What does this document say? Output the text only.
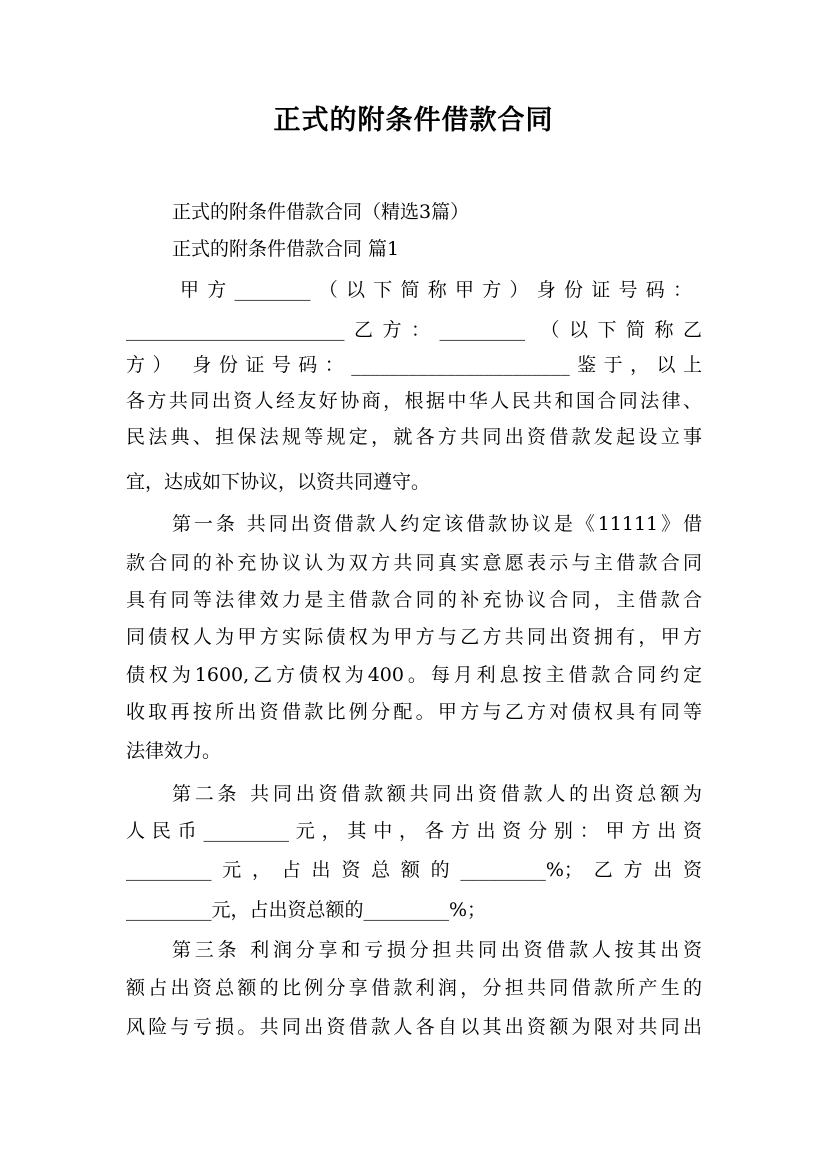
正式的附条件借款合同
正式的附条件借款合同（精选3篇）
正式的附条件借款合同 篇1
甲方________（以下简称甲方）身份证号码：
_______________________乙方：_________ （以下简称乙
方） 身份证号码：_______________________鉴于，以上
各方共同出资人经友好协商，根据中华人民共和国合同法律、
民法典、担保法规等规定，就各方共同出资借款发起设立事
宜，达成如下协议，以资共同遵守。
第一条 共同出资借款人约定该借款协议是《11111》借
款合同的补充协议认为双方共同真实意愿表示与主借款合同
具有同等法律效力是主借款合同的补充协议合同，主借款合
同债权人为甲方实际债权为甲方与乙方共同出资拥有，甲方
债权为1600,乙方债权为400。每月利息按主借款合同约定
收取再按所出资借款比例分配。甲方与乙方对债权具有同等
法律效力。
第二条 共同出资借款额共同出资借款人的出资总额为
人民币_________元，其中，各方出资分别：甲方出资
_________元，占出资总额的_________%；乙方出资
_________元，占出资总额的_________%；
第三条 利润分享和亏损分担共同出资借款人按其出资
额占出资总额的比例分享借款利润，分担共同借款所产生的
风险与亏损。共同出资借款人各自以其出资额为限对共同出
